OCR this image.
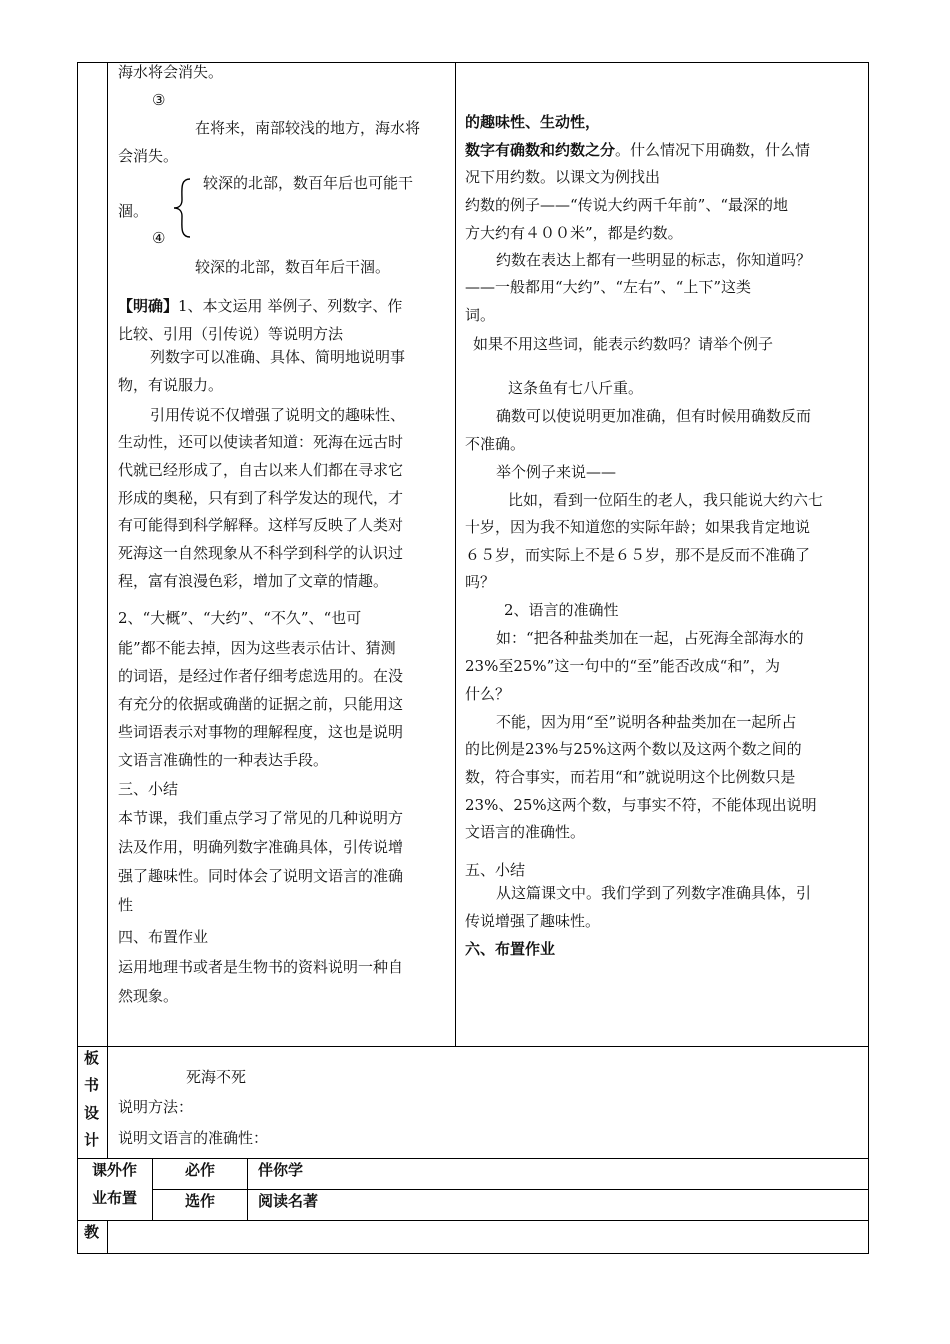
海水将会消失。
③
在将来，南部较浅的地方，海水将
会消失。
较深的北部，数百年后也可能干
涸。
④
较深的北部，数百年后干涸。
【明确】1、本文运用 举例子、列数字、作
比较、引用（引传说）等说明方法
列数字可以准确、具体、简明地说明事
物，有说服力。
引用传说不仅增强了说明文的趣味性、
生动性，还可以使读者知道：死海在远古时
代就已经形成了，自古以来人们都在寻求它
形成的奥秘，只有到了科学发达的现代，才
有可能得到科学解释。这样写反映了人类对
死海这一自然现象从不科学到科学的认识过
程，富有浪漫色彩，增加了文章的情趣。
2、“大概”、“大约”、“不久”、“也可
能”都不能去掉，因为这些表示估计、猜测
的词语，是经过作者仔细考虑选用的。在没
有充分的依据或确凿的证据之前，只能用这
些词语表示对事物的理解程度，这也是说明
文语言准确性的一种表达手段。
三、小结
本节课，我们重点学习了常见的几种说明方
法及作用，明确列数字准确具体，引传说增
强了趣味性。同时体会了说明文语言的准确
性
四、布置作业
运用地理书或者是生物书的资料说明一种自
然现象。
的趣味性、生动性，
数字有确数和约数之分。什么情况下用确数，什么情
况下用约数。以课文为例找出
约数的例子——“传说大约两千年前”、“最深的地
方大约有４００米”，都是约数。
约数在表达上都有一些明显的标志，你知道吗？
——一般都用“大约”、“左右”、“上下”这类
词。
如果不用这些词，能表示约数吗？请举个例子
这条鱼有七八斤重。
确数可以使说明更加准确，但有时候用确数反而
不准确。
举个例子来说——
比如，看到一位陌生的老人，我只能说大约六七
十岁，因为我不知道您的实际年龄；如果我肯定地说
６５岁，而实际上不是６５岁，那不是反而不准确了
吗？
2、语言的准确性
如：“把各种盐类加在一起，占死海全部海水的
23%至25%”这一句中的“至”能否改成“和”，为
什么？
不能，因为用“至”说明各种盐类加在一起所占
的比例是23%与25%这两个数以及这两个数之间的
数，符合事实，而若用“和”就说明这个比例数只是
23%、25%这两个数，与事实不符，不能体现出说明
文语言的准确性。
五、小结
从这篇课文中。我们学到了列数字准确具体，引
传说增强了趣味性。
六、布置作业
板
书
设
计
死海不死
说明方法：
说明文语言的准确性：
课外作
业布置
必作	伴你学
选作	阅读名著
教
